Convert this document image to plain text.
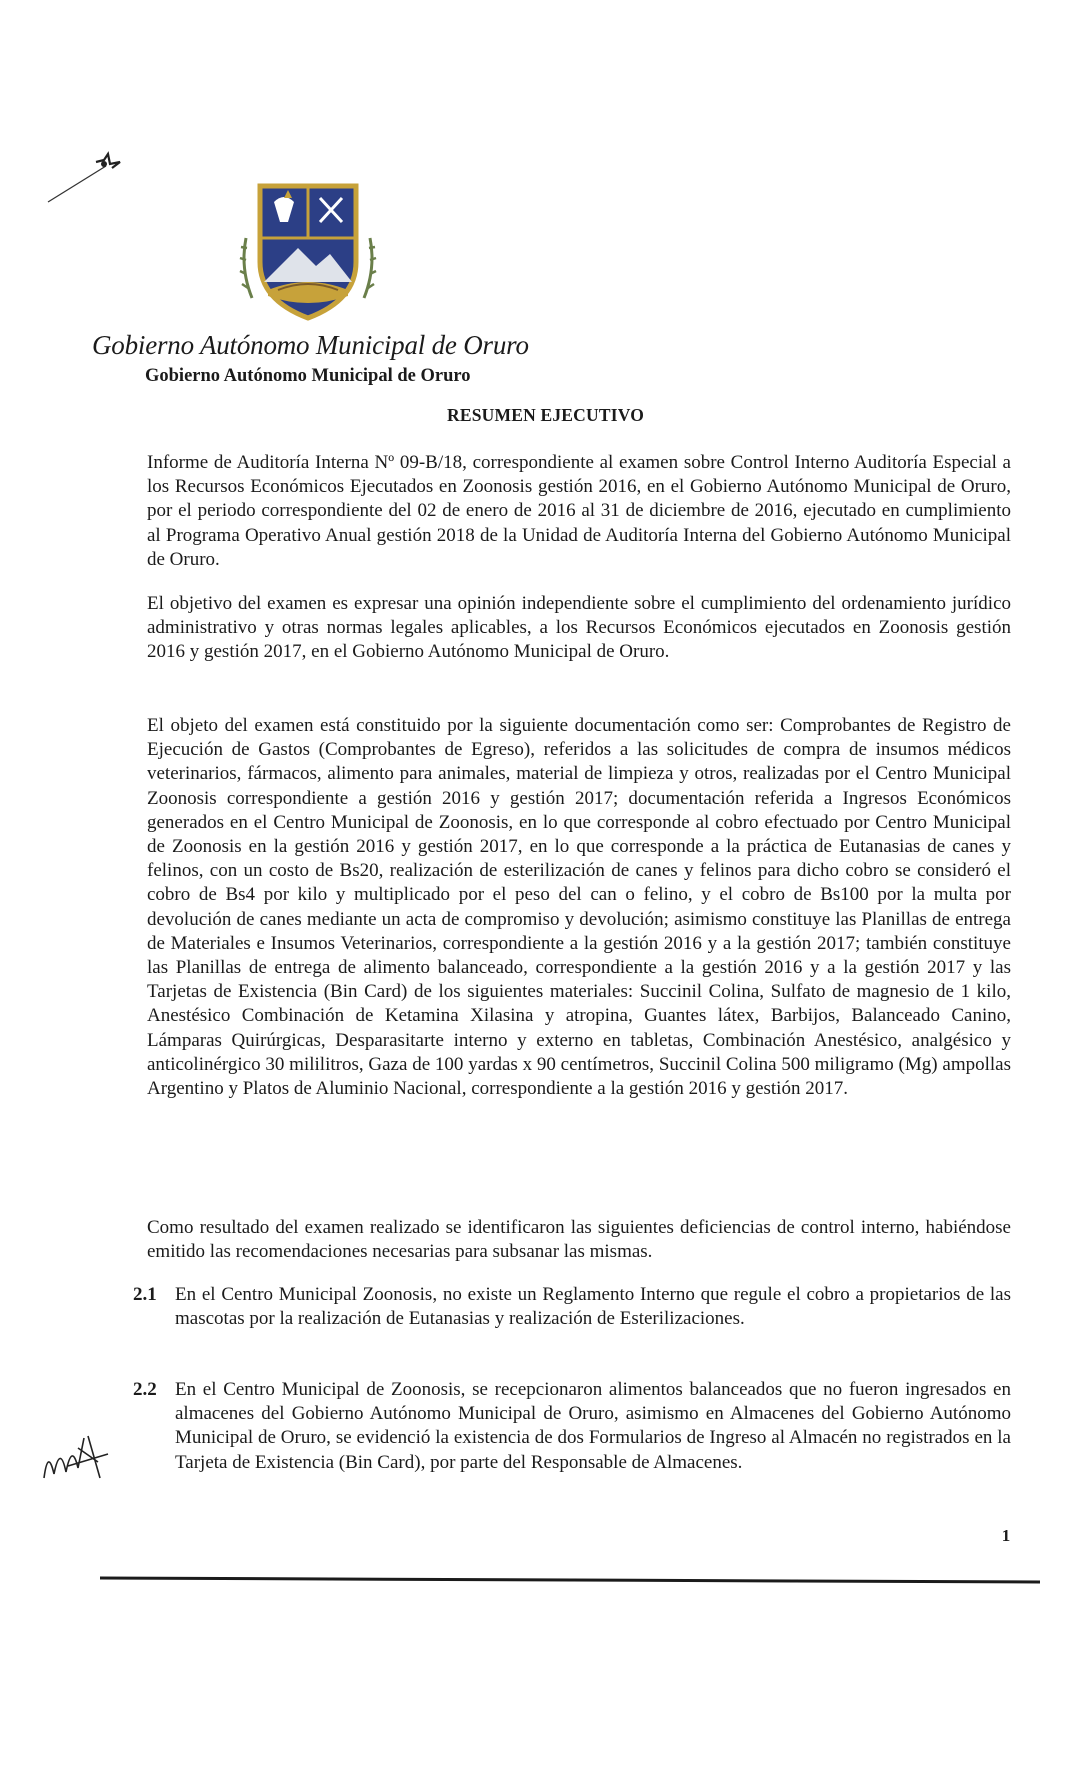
Gobierno Autónomo Municipal de Oruro
Gobierno Autónomo Municipal de Oruro
RESUMEN EJECUTIVO

Informe de Auditoría Interna Nº 09-B/18, correspondiente al examen sobre Control Interno Auditoría Especial a los Recursos Económicos Ejecutados en Zoonosis gestión 2016, en el Gobierno Autónomo Municipal de Oruro, por el periodo correspondiente del 02 de enero de 2016 al 31 de diciembre de 2016, ejecutado en cumplimiento al Programa Operativo Anual gestión 2018 de la Unidad de Auditoría Interna del Gobierno Autónomo Municipal de Oruro.

El objetivo del examen es expresar una opinión independiente sobre el cumplimiento del ordenamiento jurídico administrativo y otras normas legales aplicables, a los Recursos Económicos ejecutados en Zoonosis gestión 2016 y gestión 2017, en el Gobierno Autónomo Municipal de Oruro.

El objeto del examen está constituido por la siguiente documentación como ser: Comprobantes de Registro de Ejecución de Gastos (Comprobantes de Egreso), referidos a las solicitudes de compra de insumos médicos veterinarios, fármacos, alimento para animales, material de limpieza y otros, realizadas por el Centro Municipal Zoonosis correspondiente a gestión 2016 y gestión 2017; documentación referida a Ingresos Económicos generados en el Centro Municipal de Zoonosis, en lo que corresponde al cobro efectuado por Centro Municipal de Zoonosis en la gestión 2016 y gestión 2017, en lo que corresponde a la práctica de Eutanasias de canes y felinos, con un costo de Bs20, realización de esterilización de canes y felinos para dicho cobro se consideró el cobro de Bs4 por kilo y multiplicado por el peso del can o felino, y el cobro de Bs100 por la multa por devolución de canes mediante un acta de compromiso y devolución; asimismo constituye las Planillas de entrega de Materiales e Insumos Veterinarios, correspondiente a la gestión 2016 y a la gestión 2017; también constituye las Planillas de entrega de alimento balanceado, correspondiente a la gestión 2016 y a la gestión 2017 y las Tarjetas de Existencia (Bin Card) de los siguientes materiales: Succinil Colina, Sulfato de magnesio de 1 kilo, Anestésico Combinación de Ketamina Xilasina y atropina, Guantes látex, Barbijos, Balanceado Canino, Lámparas Quirúrgicas, Desparasitarte interno y externo en tabletas, Combinación Anestésico, analgésico y anticolinérgico 30 mililitros, Gaza de 100 yardas x 90 centímetros, Succinil Colina 500 miligramo (Mg) ampollas Argentino y Platos de Aluminio Nacional, correspondiente a la gestión 2016 y gestión 2017.

Como resultado del examen realizado se identificaron las siguientes deficiencias de control interno, habiéndose emitido las recomendaciones necesarias para subsanar las mismas.

2.1 En el Centro Municipal Zoonosis, no existe un Reglamento Interno que regule el cobro a propietarios de las mascotas por la realización de Eutanasias y realización de Esterilizaciones.
2.2 En el Centro Municipal de Zoonosis, se recepcionaron alimentos balanceados que no fueron ingresados en almacenes del Gobierno Autónomo Municipal de Oruro, asimismo en Almacenes del Gobierno Autónomo Municipal de Oruro, se evidenció la existencia de dos Formularios de Ingreso al Almacén no registrados en la Tarjeta de Existencia (Bin Card), por parte del Responsable de Almacenes.
1
